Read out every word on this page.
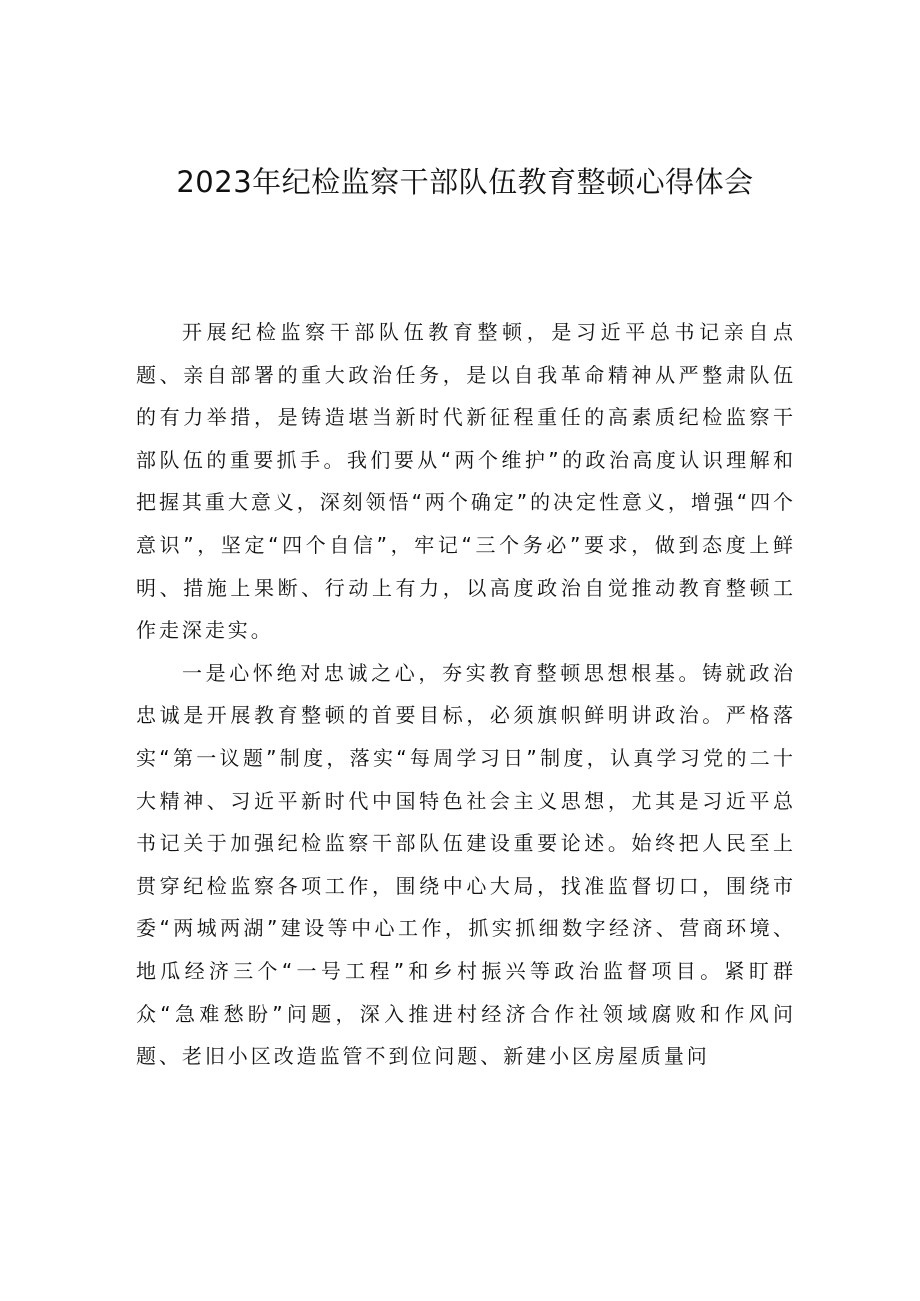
2023年纪检监察干部队伍教育整顿心得体会

开展纪检监察干部队伍教育整顿，是习近平总书记亲自点题、亲自部署的重大政治任务，是以自我革命精神从严整肃队伍的有力举措，是铸造堪当新时代新征程重任的高素质纪检监察干部队伍的重要抓手。我们要从“两个维护”的政治高度认识理解和把握其重大意义，深刻领悟“两个确定”的决定性意义，增强“四个意识”，坚定“四个自信”，牢记“三个务必”要求，做到态度上鲜明、措施上果断、行动上有力，以高度政治自觉推动教育整顿工作走深走实。

一是心怀绝对忠诚之心，夯实教育整顿思想根基。铸就政治忠诚是开展教育整顿的首要目标，必须旗帜鲜明讲政治。严格落实“第一议题”制度，落实“每周学习日”制度，认真学习党的二十大精神、习近平新时代中国特色社会主义思想，尤其是习近平总书记关于加强纪检监察干部队伍建设重要论述。始终把人民至上贯穿纪检监察各项工作，围绕中心大局，找准监督切口，围绕市委“两城两湖”建设等中心工作，抓实抓细数字经济、营商环境、地瓜经济三个“一号工程”和乡村振兴等政治监督项目。紧盯群众“急难愁盼”问题，深入推进村经济合作社领域腐败和作风问题、老旧小区改造监管不到位问题、新建小区房屋质量问
